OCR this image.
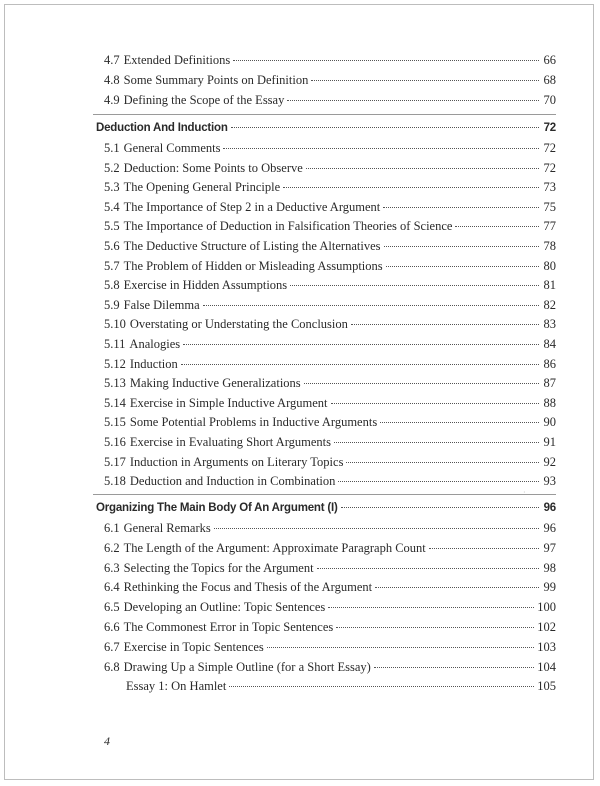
4.7 Extended Definitions	66
4.8 Some Summary Points on Definition	68
4.9 Defining the Scope of the Essay	70
Deduction And Induction	72
5.1 General Comments	72
5.2 Deduction: Some Points to Observe	72
5.3 The Opening General Principle	73
5.4 The Importance of Step 2 in a Deductive Argument	75
5.5 The Importance of Deduction in Falsification Theories of Science	77
5.6 The Deductive Structure of Listing the Alternatives	78
5.7 The Problem of Hidden or Misleading Assumptions	80
5.8 Exercise in Hidden Assumptions	81
5.9 False Dilemma	82
5.10 Overstating or Understating the Conclusion	83
5.11 Analogies	84
5.12 Induction	86
5.13 Making Inductive Generalizations	87
5.14 Exercise in Simple Inductive Argument	88
5.15 Some Potential Problems in Inductive Arguments	90
5.16 Exercise in Evaluating Short Arguments	91
5.17 Induction in Arguments on Literary Topics	92
5.18 Deduction and Induction in Combination	93
·
Organizing The Main Body Of An Argument (I)	96
6.1 General Remarks	96
6.2 The Length of the Argument: Approximate Paragraph Count	97
6.3 Selecting the Topics for the Argument	98
6.4 Rethinking the Focus and Thesis of the Argument	99
6.5 Developing an Outline: Topic Sentences	100
6.6 The Commonest Error in Topic Sentences	102
6.7 Exercise in Topic Sentences	103
6.8 Drawing Up a Simple Outline (for a Short Essay)	104
Essay 1: On Hamlet	105
4
